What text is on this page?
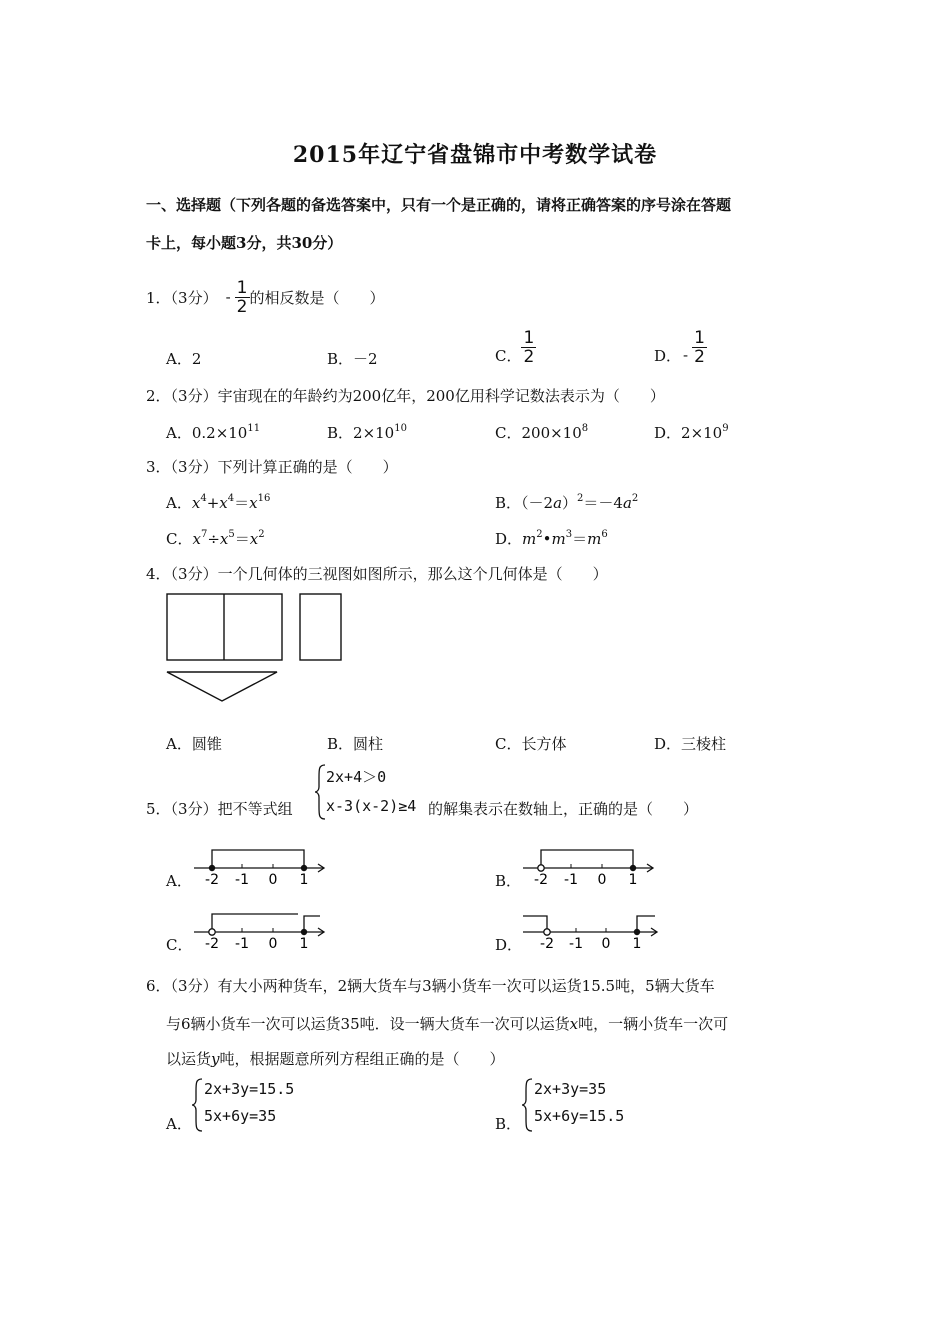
2015年辽宁省盘锦市中考数学试卷
一、选择题（下列各题的备选答案中，只有一个是正确的，请将正确答案的序号涂在答题
卡上，每小题3分，共30分）
1．（3分） - $\frac{1}{2}$ 的相反数是（　　）
A．2	B．－2	C． $\frac{1}{2}$	D． - $\frac{1}{2}$
2．（3分）宇宙现在的年龄约为200亿年，200亿用科学记数法表示为（　　）
A．$0.2\times 10^{11}$	B．$2\times 10^{10}$	C．$200\times 10^8$	D．$2\times 10^9$
3．（3分）下列计算正确的是（　　）
A．$x^4+x^4=x^{16}$	B．$(-2a)^2=-4a^2$
C．$x^7\div x^5=x^2$	D．$m^2•m^3=m^6$
4．（3分）一个几何体的三视图如图所示，那么这个几何体是（　　）
A．圆锥	B．圆柱	C．长方体	D．三棱柱
5．（3分）把不等式组
2x+4＞0
x-3(x-2)≥4 的解集表示在数轴上，正确的是（　　）
A． -2 -1 0 1	B． -2 -1 0 1
C． -2 -1 0 1	D． -2 -1 0 1
6．（3分）有大小两种货车，2辆大货车与3辆小货车一次可以运货15.5吨，5辆大货车
与6辆小货车一次可以运货35吨．设一辆大货车一次可以运货x吨，一辆小货车一次可
以运货y吨，根据题意所列方程组正确的是（　　）
A．
2x+3y=15.5
5x+6y=35	B．
2x+3y=35
5x+6y=15.5
